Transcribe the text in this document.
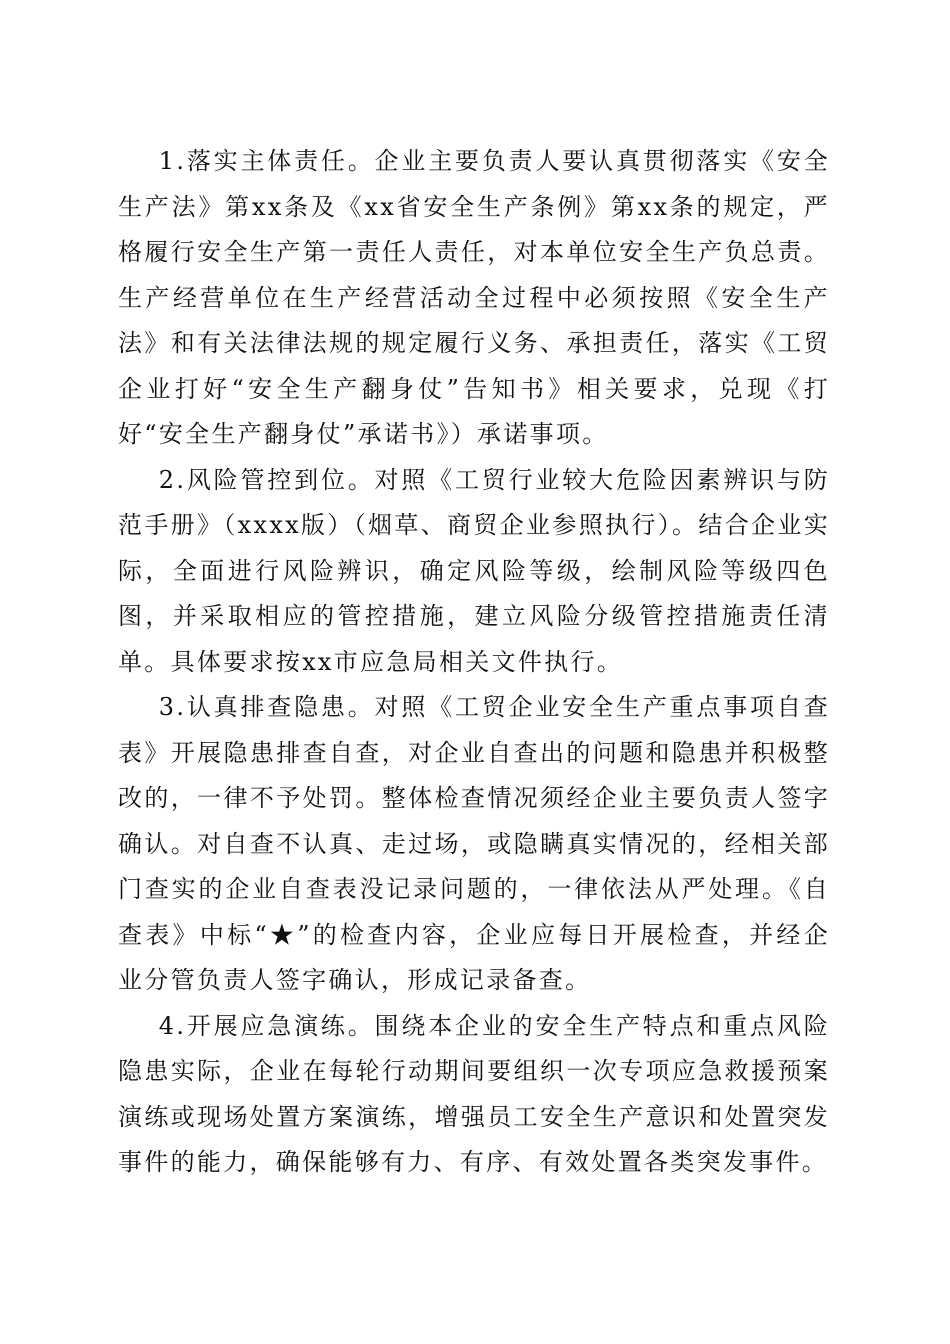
1.落实主体责任。企业主要负责人要认真贯彻落实《安全生产法》第xx条及《xx省安全生产条例》第xx条的规定，严格履行安全生产第一责任人责任，对本单位安全生产负总责。生产经营单位在生产经营活动全过程中必须按照《安全生产法》和有关法律法规的规定履行义务、承担责任，落实《工贸企业打好“安全生产翻身仗”告知书》相关要求，兑现《打好“安全生产翻身仗”承诺书》）承诺事项。

2.风险管控到位。对照《工贸行业较大危险因素辨识与防范手册》（xxxx版）（烟草、商贸企业参照执行）。结合企业实际，全面进行风险辨识，确定风险等级，绘制风险等级四色图，并采取相应的管控措施，建立风险分级管控措施责任清单。具体要求按xx市应急局相关文件执行。

3.认真排查隐患。对照《工贸企业安全生产重点事项自查表》开展隐患排查自查，对企业自查出的问题和隐患并积极整改的，一律不予处罚。整体检查情况须经企业主要负责人签字确认。对自查不认真、走过场，或隐瞒真实情况的，经相关部门查实的企业自查表没记录问题的，一律依法从严处理。《自查表》中标“★”的检查内容，企业应每日开展检查，并经企业分管负责人签字确认，形成记录备查。

4.开展应急演练。围绕本企业的安全生产特点和重点风险隐患实际，企业在每轮行动期间要组织一次专项应急救援预案演练或现场处置方案演练，增强员工安全生产意识和处置突发事件的能力，确保能够有力、有序、有效处置各类突发事件。
